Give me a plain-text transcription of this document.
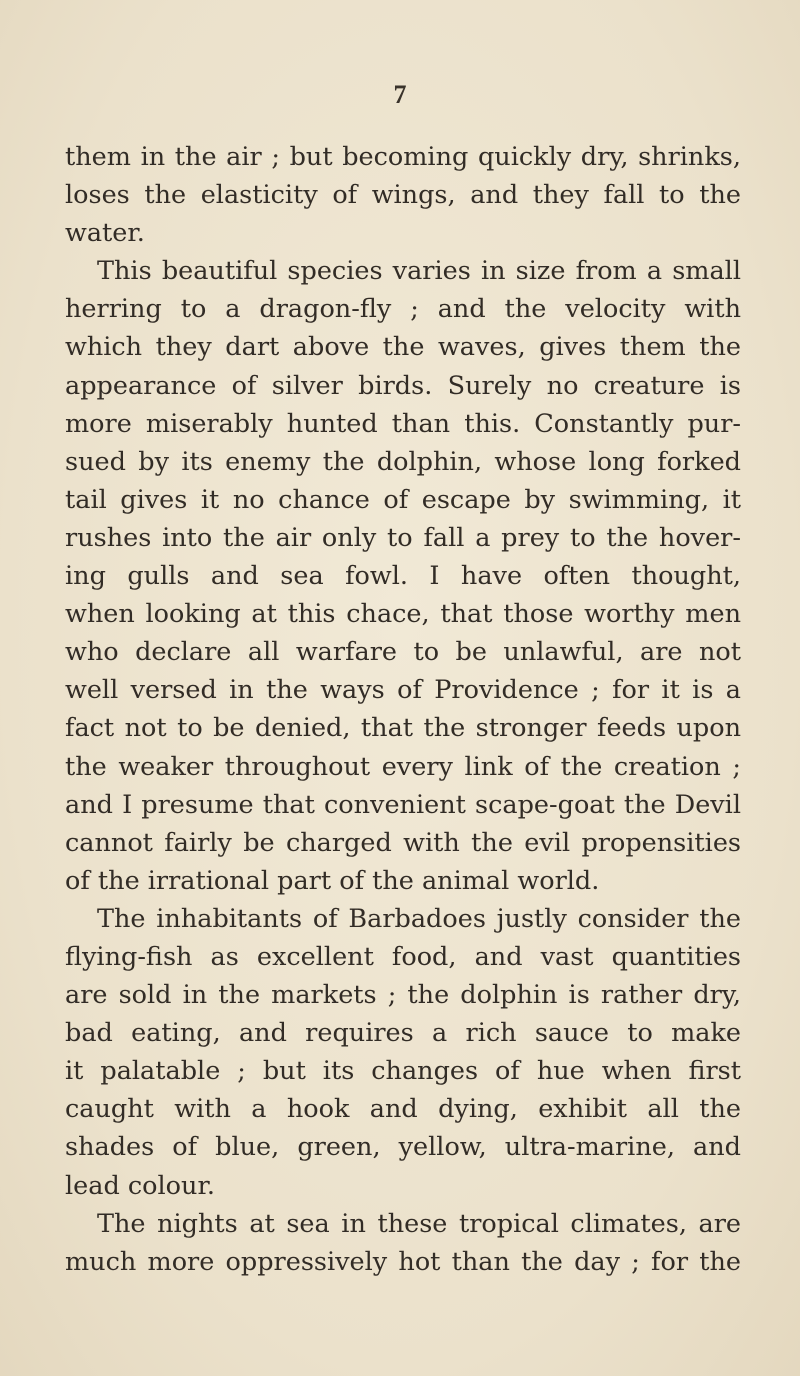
7
them in the air ; but becoming quickly dry, shrinks,
loses the elasticity of wings, and they fall to the
water.
This beautiful species varies in size from a small
herring to a dragon-fly ; and the velocity with
which they dart above the waves, gives them the
appearance of silver birds. Surely no creature is
more miserably hunted than this. Constantly pur-
sued by its enemy the dolphin, whose long forked
tail gives it no chance of escape by swimming, it
rushes into the air only to fall a prey to the hover-
ing gulls and sea fowl. I have often thought,
when looking at this chace, that those worthy men
who declare all warfare to be unlawful, are not
well versed in the ways of Providence ; for it is a
fact not to be denied, that the stronger feeds upon
the weaker throughout every link of the creation ;
and I presume that convenient scape-goat the Devil
cannot fairly be charged with the evil propensities
of the irrational part of the animal world.
The inhabitants of Barbadoes justly consider the
flying-fish as excellent food, and vast quantities
are sold in the markets ; the dolphin is rather dry,
bad eating, and requires a rich sauce to make
it palatable ; but its changes of hue when first
caught with a hook and dying, exhibit all the
shades of blue, green, yellow, ultra-marine, and
lead colour.
The nights at sea in these tropical climates, are
much more oppressively hot than the day ; for the
